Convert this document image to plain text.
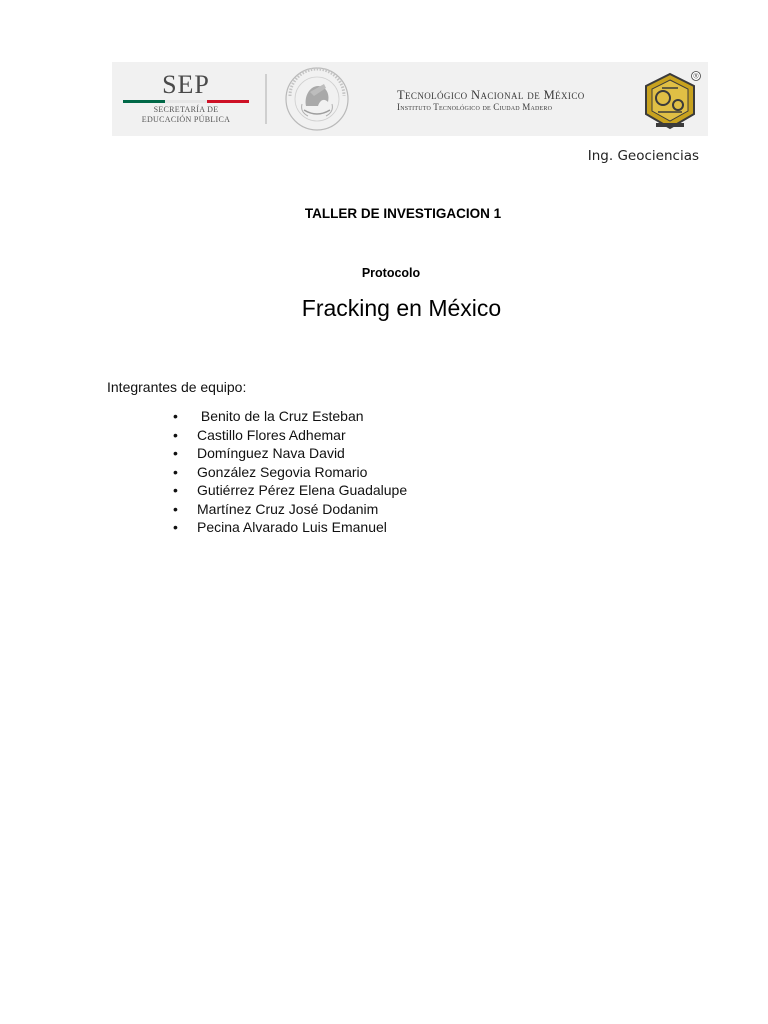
SEP
SECRETARÍA DE
EDUCACIÓN PÚBLICA
Tecnológico Nacional de México
Instituto Tecnológico de Ciudad Madero
®
Ing. Geociencias
TALLER DE INVESTIGACION 1
Protocolo
Fracking en México
Integrantes de equipo:
• Benito de la Cruz Esteban
• Castillo Flores Adhemar
• Domínguez Nava David
• González Segovia Romario
• Gutiérrez Pérez Elena Guadalupe
• Martínez Cruz José Dodanim
• Pecina Alvarado Luis Emanuel
